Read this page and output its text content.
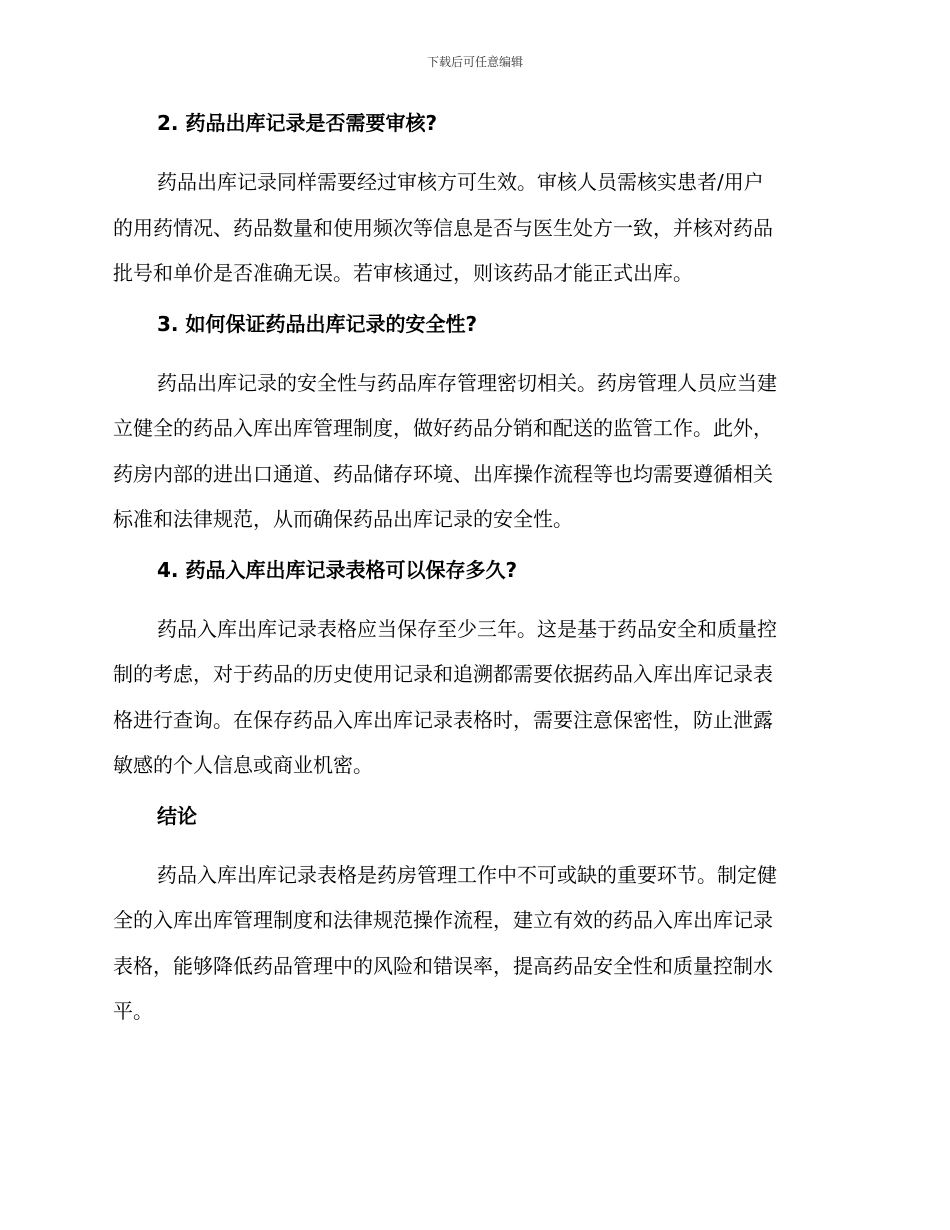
下载后可任意编辑
2. 药品出库记录是否需要审核?
药品出库记录同样需要经过审核方可生效。审核人员需核实患者/用户
的用药情况、药品数量和使用频次等信息是否与医生处方一致，并核对药品
批号和单价是否准确无误。若审核通过，则该药品才能正式出库。
3. 如何保证药品出库记录的安全性?
药品出库记录的安全性与药品库存管理密切相关。药房管理人员应当建
立健全的药品入库出库管理制度，做好药品分销和配送的监管工作。此外，
药房内部的进出口通道、药品储存环境、出库操作流程等也均需要遵循相关
标准和法律规范，从而确保药品出库记录的安全性。
4. 药品入库出库记录表格可以保存多久?
药品入库出库记录表格应当保存至少三年。这是基于药品安全和质量控
制的考虑，对于药品的历史使用记录和追溯都需要依据药品入库出库记录表
格进行查询。在保存药品入库出库记录表格时，需要注意保密性，防止泄露
敏感的个人信息或商业机密。
结论
药品入库出库记录表格是药房管理工作中不可或缺的重要环节。制定健
全的入库出库管理制度和法律规范操作流程，建立有效的药品入库出库记录
表格，能够降低药品管理中的风险和错误率，提高药品安全性和质量控制水
平。
